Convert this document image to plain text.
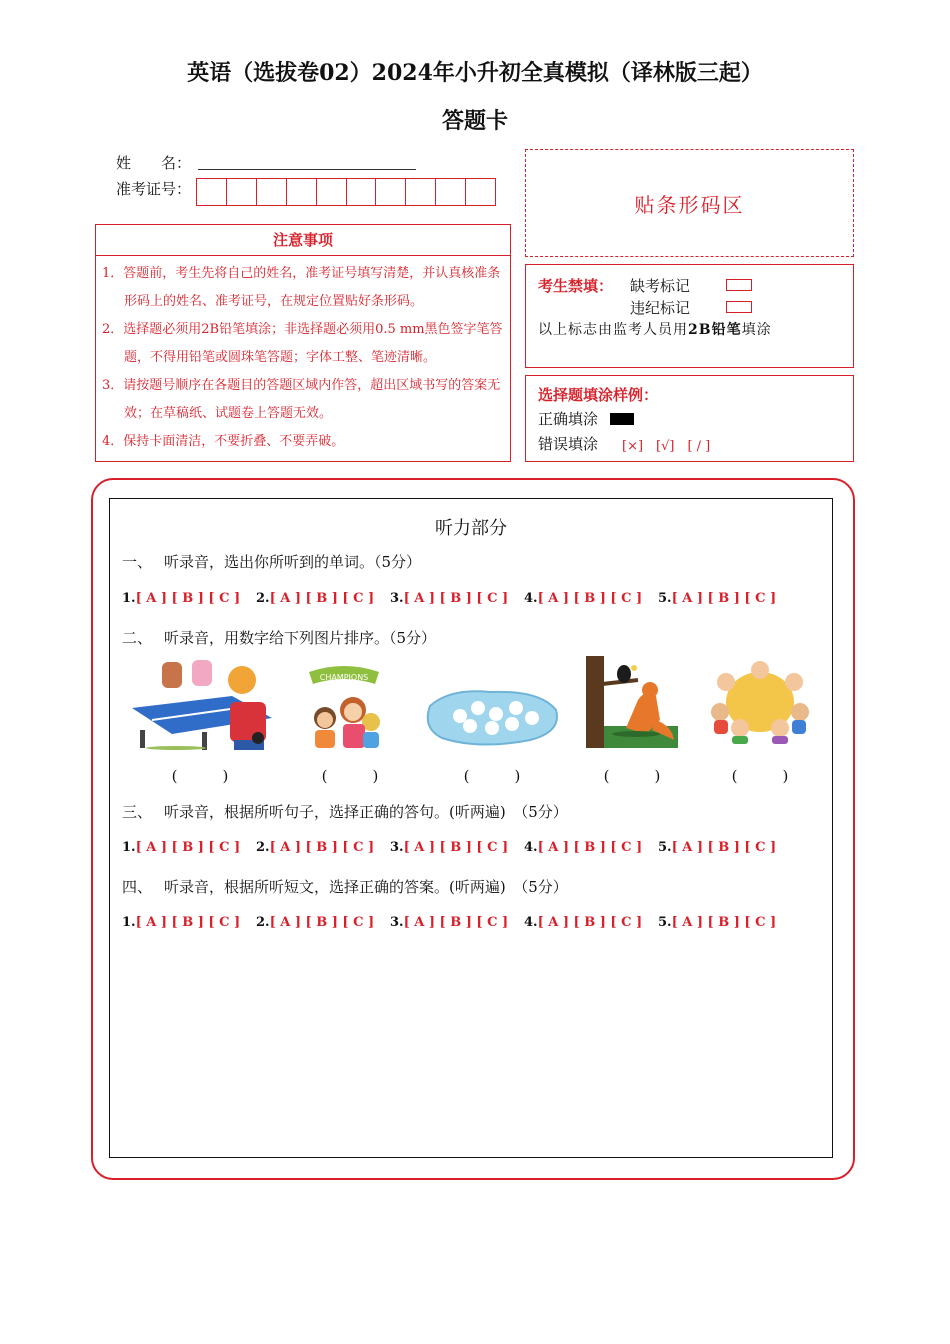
英语（选拔卷02）2024年小升初全真模拟（译林版三起）
答题卡
姓　　名：
准考证号：
注意事项
1．答题前，考生先将自己的姓名，准考证号填写清楚，并认真核准条形码上的姓名、准考证号，在规定位置贴好条形码。
2．选择题必须用2B铅笔填涂；非选择题必须用0.5 mm黑色签字笔答题，不得用铅笔或圆珠笔答题；字体工整、笔迹清晰。
3．请按题号顺序在各题目的答题区域内作答，超出区域书写的答案无效；在草稿纸、试题卷上答题无效。
4．保持卡面清洁，不要折叠、不要弄破。
贴条形码区
考生禁填： 缺考标记
违纪标记
以上标志由监考人员用2B铅笔填涂
选择题填涂样例：
正确填涂
错误填涂 [×]　[√]　[ / ]
听力部分
一、 听录音，选出你所听到的单词。（5分）
1.[ A ] [ B ] [ C ]	2.[ A ] [ B ] [ C ]	3.[ A ] [ B ] [ C ]	4.[ A ] [ B ] [ C ]	5.[ A ] [ B ] [ C ]
二、 听录音，用数字给下列图片排序。（5分）
CHAMPIONS
(　　　)	(　　　)	(　　　)	(　　　)	(　　　)
三、 听录音，根据所听句子，选择正确的答句。(听两遍)　（5分）
1.[ A ] [ B ] [ C ]	2.[ A ] [ B ] [ C ]	3.[ A ] [ B ] [ C ]	4.[ A ] [ B ] [ C ]	5.[ A ] [ B ] [ C ]
四、 听录音，根据所听短文，选择正确的答案。(听两遍)　（5分）
1.[ A ] [ B ] [ C ]	2.[ A ] [ B ] [ C ]	3.[ A ] [ B ] [ C ]	4.[ A ] [ B ] [ C ]	5.[ A ] [ B ] [ C ]
